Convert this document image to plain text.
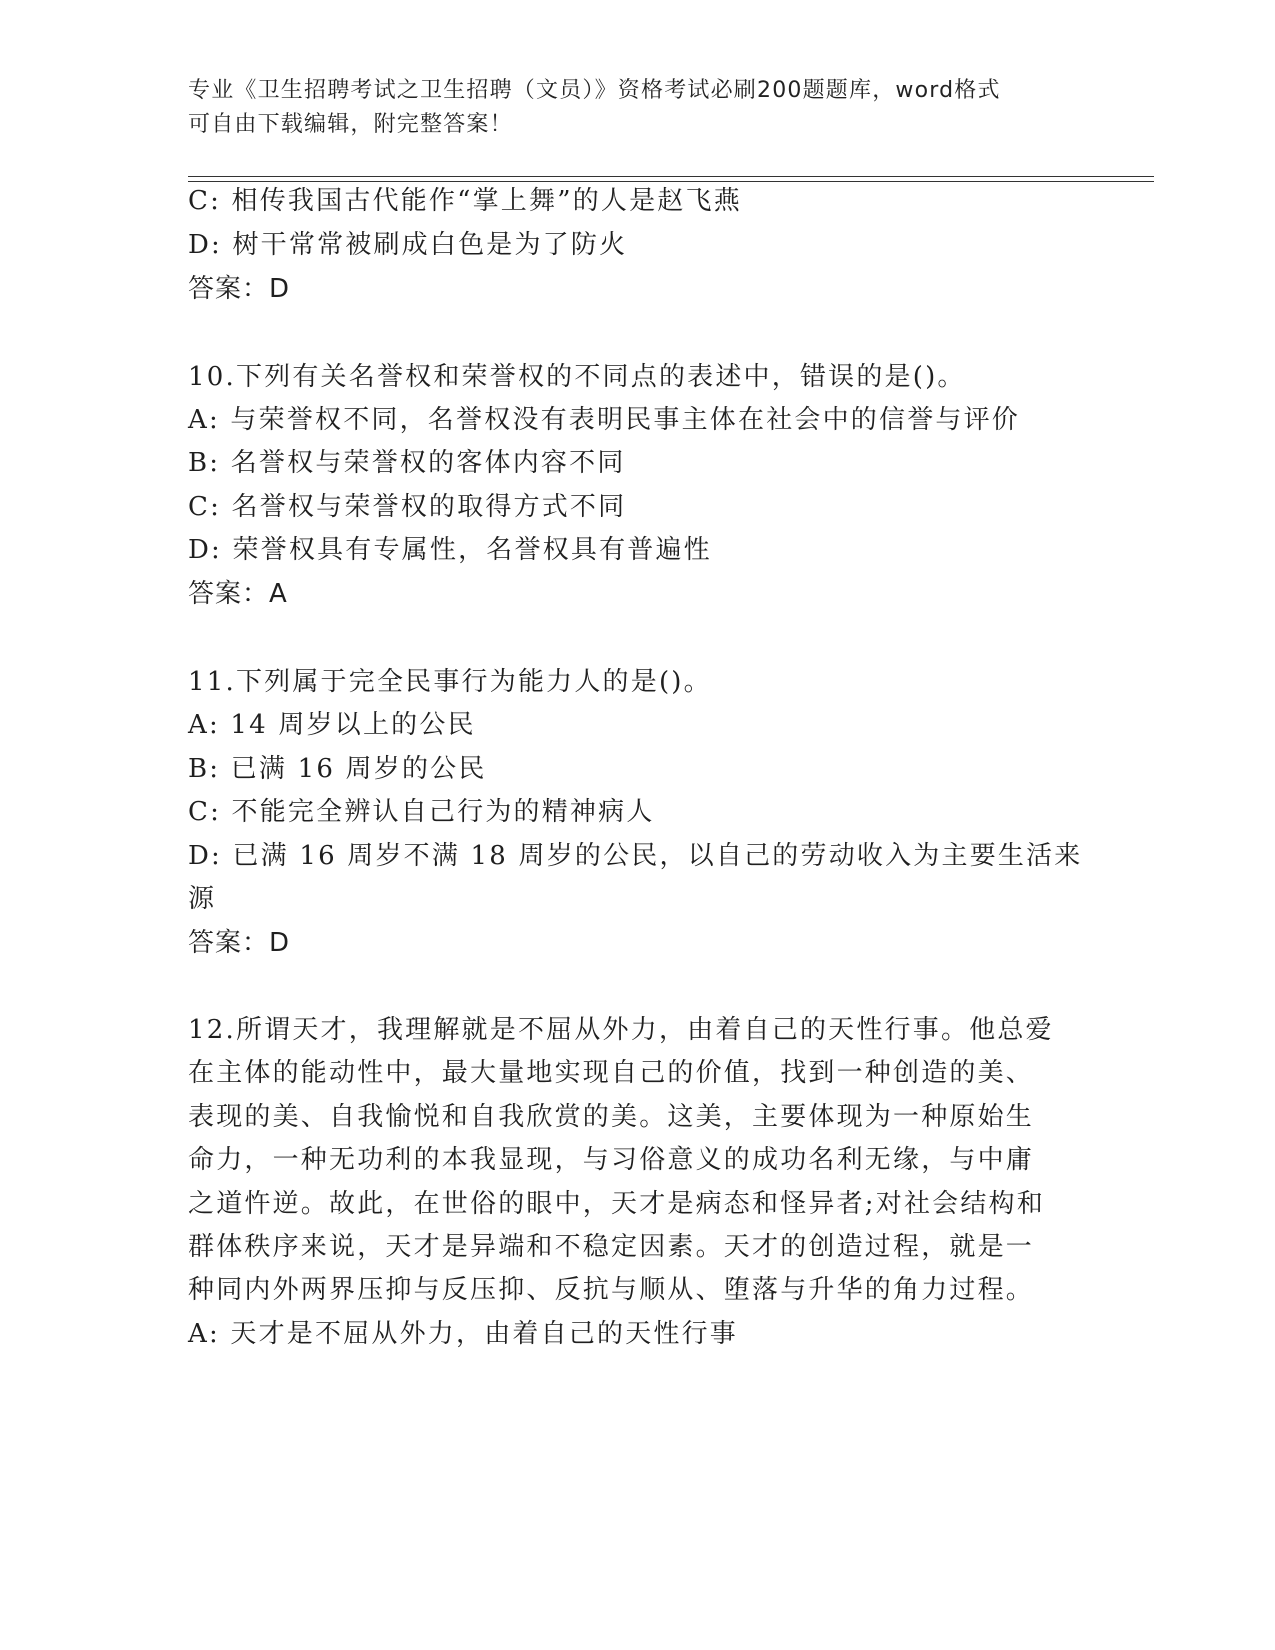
专业《卫生招聘考试之卫生招聘（文员）》资格考试必刷200题题库，word格式
可自由下载编辑，附完整答案！
C: 相传我国古代能作“掌上舞”的人是赵飞燕
D: 树干常常被刷成白色是为了防火
答案：D
10.下列有关名誉权和荣誉权的不同点的表述中，错误的是()。
A: 与荣誉权不同，名誉权没有表明民事主体在社会中的信誉与评价
B: 名誉权与荣誉权的客体内容不同
C: 名誉权与荣誉权的取得方式不同
D: 荣誉权具有专属性，名誉权具有普遍性
答案：A
11.下列属于完全民事行为能力人的是()。
A: 14 周岁以上的公民
B: 已满 16 周岁的公民
C: 不能完全辨认自己行为的精神病人
D: 已满 16 周岁不满 18 周岁的公民，以自己的劳动收入为主要生活来
源
答案：D
12.所谓天才，我理解就是不屈从外力，由着自己的天性行事。他总爱
在主体的能动性中，最大量地实现自己的价值，找到一种创造的美、
表现的美、自我愉悦和自我欣赏的美。这美，主要体现为一种原始生
命力，一种无功利的本我显现，与习俗意义的成功名利无缘，与中庸
之道忤逆。故此，在世俗的眼中，天才是病态和怪异者;对社会结构和
群体秩序来说，天才是异端和不稳定因素。天才的创造过程，就是一
种同内外两界压抑与反压抑、反抗与顺从、堕落与升华的角力过程。
A: 天才是不屈从外力，由着自己的天性行事
